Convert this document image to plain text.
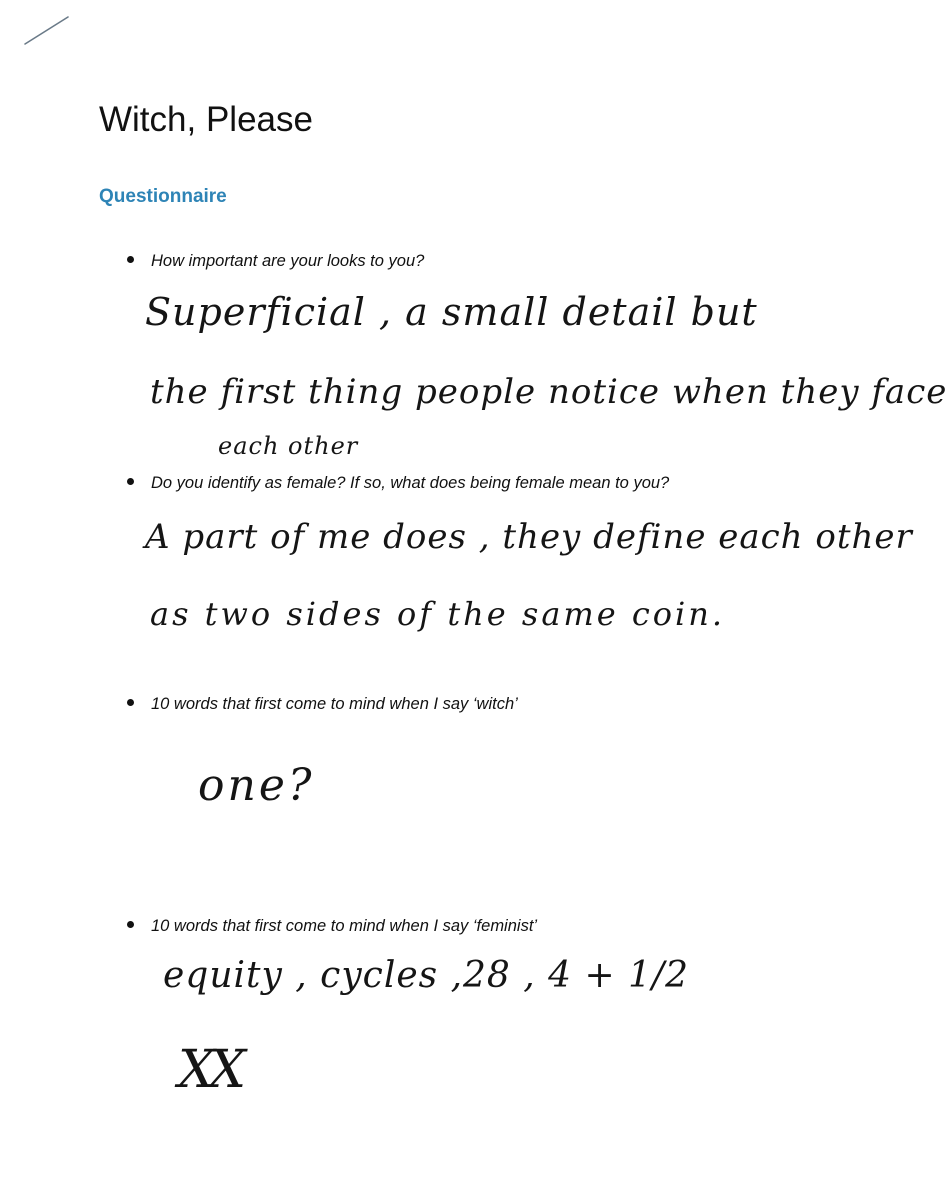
Witch, Please
Questionnaire
How important are your looks to you?

Superficial , a small detail but

the first thing people notice when they face

each other

Do you identify as female? If so, what does being female mean to you?

A part of me does , they define each other

as two sides of the same coin.

10 words that first come to mind when I say ‘witch’

one?

10 words that first come to mind when I say ‘feminist’

equity , cycles ,28 , 4 + 1/2

XX
